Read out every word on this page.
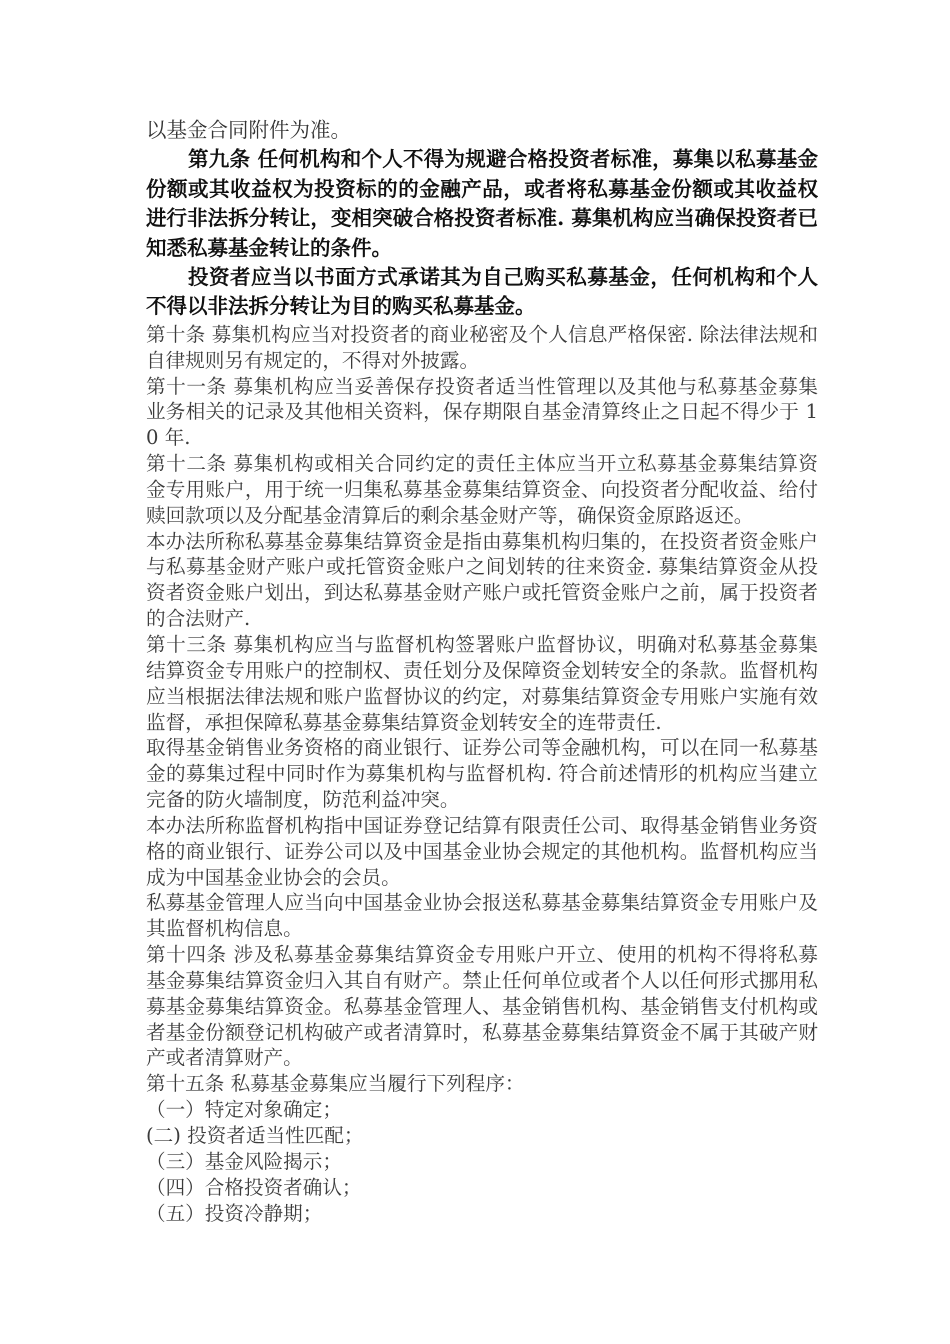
以基金合同附件为准。

第九条 任何机构和个人不得为规避合格投资者标准，募集以私募基金份额或其收益权为投资标的的金融产品，或者将私募基金份额或其收益权进行非法拆分转让，变相突破合格投资者标准. 募集机构应当确保投资者已知悉私募基金转让的条件。

投资者应当以书面方式承诺其为自己购买私募基金，任何机构和个人不得以非法拆分转让为目的购买私募基金。

第十条 募集机构应当对投资者的商业秘密及个人信息严格保密. 除法律法规和自律规则另有规定的，不得对外披露。

第十一条 募集机构应当妥善保存投资者适当性管理以及其他与私募基金募集业务相关的记录及其他相关资料，保存期限自基金清算终止之日起不得少于 10 年.

第十二条 募集机构或相关合同约定的责任主体应当开立私募基金募集结算资金专用账户，用于统一归集私募基金募集结算资金、向投资者分配收益、给付赎回款项以及分配基金清算后的剩余基金财产等，确保资金原路返还。

本办法所称私募基金募集结算资金是指由募集机构归集的，在投资者资金账户与私募基金财产账户或托管资金账户之间划转的往来资金. 募集结算资金从投资者资金账户划出，到达私募基金财产账户或托管资金账户之前，属于投资者的合法财产.

第十三条 募集机构应当与监督机构签署账户监督协议，明确对私募基金募集结算资金专用账户的控制权、责任划分及保障资金划转安全的条款。监督机构应当根据法律法规和账户监督协议的约定，对募集结算资金专用账户实施有效监督，承担保障私募基金募集结算资金划转安全的连带责任.

取得基金销售业务资格的商业银行、证券公司等金融机构，可以在同一私募基金的募集过程中同时作为募集机构与监督机构. 符合前述情形的机构应当建立完备的防火墙制度，防范利益冲突。

本办法所称监督机构指中国证券登记结算有限责任公司、取得基金销售业务资格的商业银行、证券公司以及中国基金业协会规定的其他机构。监督机构应当成为中国基金业协会的会员。

私募基金管理人应当向中国基金业协会报送私募基金募集结算资金专用账户及其监督机构信息。

第十四条 涉及私募基金募集结算资金专用账户开立、使用的机构不得将私募基金募集结算资金归入其自有财产。禁止任何单位或者个人以任何形式挪用私募基金募集结算资金。私募基金管理人、基金销售机构、基金销售支付机构或者基金份额登记机构破产或者清算时，私募基金募集结算资金不属于其破产财产或者清算财产。

第十五条 私募基金募集应当履行下列程序：

（一）特定对象确定；

(二) 投资者适当性匹配；

（三）基金风险揭示；

（四）合格投资者确认；

（五）投资冷静期；
